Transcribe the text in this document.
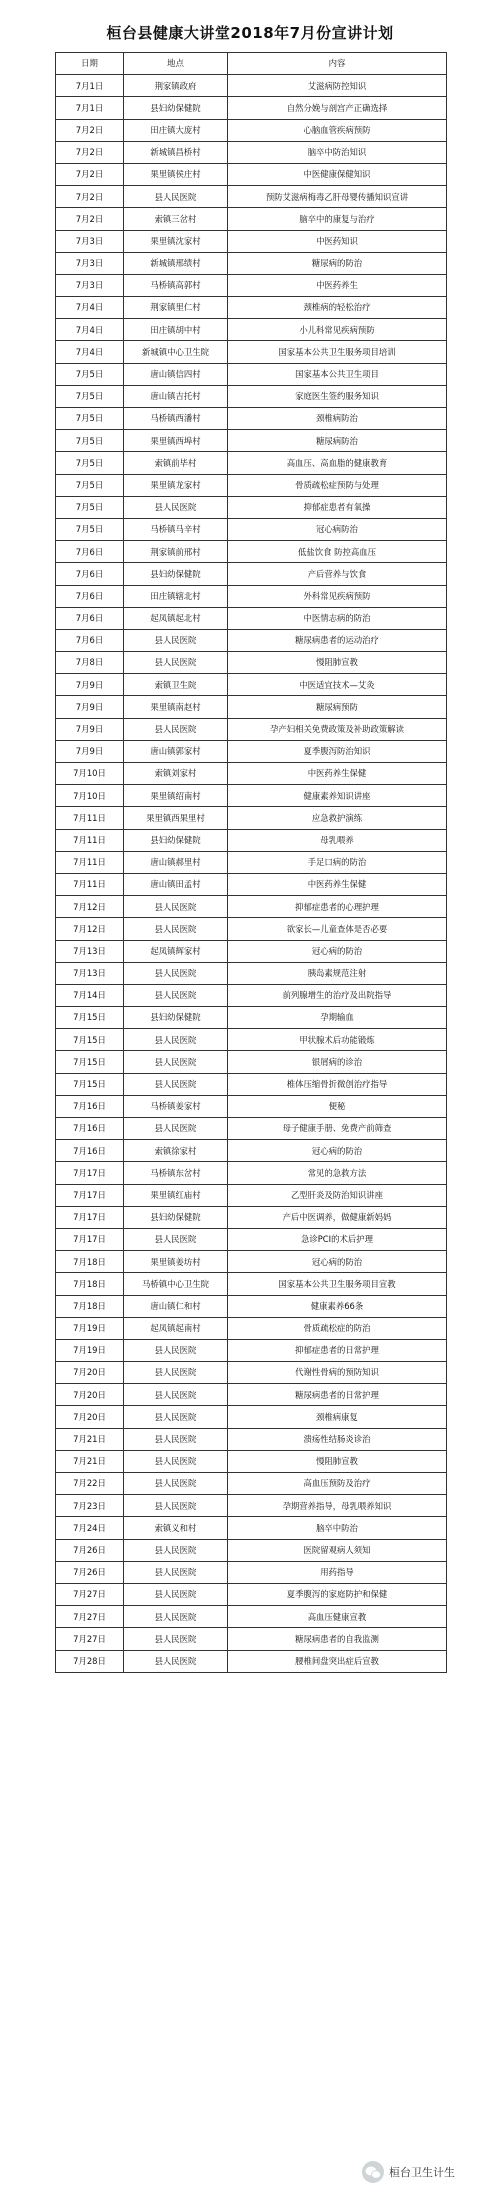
桓台县健康大讲堂2018年7月份宣讲计划
日期	地点	内容
7月1日	荆家镇政府	艾滋病防控知识
7月1日	县妇幼保健院	自然分娩与剖宫产正确选择
7月2日	田庄镇大庞村	心脑血管疾病预防
7月2日	新城镇昌桥村	脑卒中防治知识
7月2日	果里镇侯庄村	中医健康保健知识
7月2日	县人民医院	预防艾滋病梅毒乙肝母婴传播知识宣讲
7月2日	索镇三岔村	脑卒中的康复与治疗
7月3日	果里镇沈家村	中医药知识
7月3日	新城镇邢绩村	糖尿病的防治
7月3日	马桥镇高郭村	中医药养生
7月4日	荆家镇里仁村	颈椎病的轻松治疗
7月4日	田庄镇胡中村	小儿科常见疾病预防
7月4日	新城镇中心卫生院	国家基本公共卫生服务项目培训
7月5日	唐山镇信四村	国家基本公共卫生项目
7月5日	唐山镇吉托村	家庭医生签约服务知识
7月5日	马桥镇西潘村	颈椎病防治
7月5日	果里镇西埠村	糖尿病防治
7月5日	索镇前毕村	高血压、高血脂的健康教育
7月5日	果里镇龙家村	骨质疏松症预防与处理
7月5日	县人民医院	抑郁症患者有氧操
7月5日	马桥镇马辛村	冠心病防治
7月6日	荆家镇前邢村	低盐饮食 防控高血压
7月6日	县妇幼保健院	产后营养与饮食
7月6日	田庄镇辖北村	外科常见疾病预防
7月6日	起凤镇起北村	中医情志病的防治
7月6日	县人民医院	糖尿病患者的运动治疗
7月8日	县人民医院	慢阻肺宣教
7月9日	索镇卫生院	中医适宜技术—艾灸
7月9日	果里镇南赵村	糖尿病预防
7月9日	县人民医院	孕产妇相关免费政策及补助政策解读
7月9日	唐山镇郭家村	夏季腹泻防治知识
7月10日	索镇刘家村	中医药养生保健
7月10日	果里镇绍南村	健康素养知识讲座
7月11日	果里镇西果里村	应急救护演练
7月11日	县妇幼保健院	母乳喂养
7月11日	唐山镇郝里村	手足口病的防治
7月11日	唐山镇田孟村	中医药养生保健
7月12日	县人民医院	抑郁症患者的心理护理
7月12日	县人民医院	欲家长—儿童查体是否必要
7月13日	起凤镇辉家村	冠心病的防治
7月13日	县人民医院	胰岛素规范注射
7月14日	县人民医院	前列腺增生的治疗及出院指导
7月15日	县妇幼保健院	孕期输血
7月15日	县人民医院	甲状腺术后功能锻炼
7月15日	县人民医院	银屑病的诊治
7月15日	县人民医院	椎体压缩骨折微创治疗指导
7月16日	马桥镇姜家村	便秘
7月16日	县人民医院	母子健康手册、免费产前筛查
7月16日	索镇徐家村	冠心病的防治
7月17日	马桥镇东岔村	常见的急救方法
7月17日	果里镇红庙村	乙型肝炎及防治知识讲座
7月17日	县妇幼保健院	产后中医调养，做健康新妈妈
7月17日	县人民医院	急诊PCI的术后护理
7月18日	果里镇姜坊村	冠心病的防治
7月18日	马桥镇中心卫生院	国家基本公共卫生服务项目宣教
7月18日	唐山镇仁和村	健康素养66条
7月19日	起凤镇起南村	骨质疏松症的防治
7月19日	县人民医院	抑郁症患者的日常护理
7月20日	县人民医院	代谢性骨病的预防知识
7月20日	县人民医院	糖尿病患者的日常护理
7月20日	县人民医院	颈椎病康复
7月21日	县人民医院	溃疡性结肠炎诊治
7月21日	县人民医院	慢阻肺宣教
7月22日	县人民医院	高血压预防及治疗
7月23日	县人民医院	孕期营养指导，母乳喂养知识
7月24日	索镇义和村	脑卒中防治
7月26日	县人民医院	医院留观病人须知
7月26日	县人民医院	用药指导
7月27日	县人民医院	夏季腹泻的家庭防护和保健
7月27日	县人民医院	高血压健康宣教
7月27日	县人民医院	糖尿病患者的自我监测
7月28日	县人民医院	腰椎间盘突出症后宣教
桓台卫生计生
